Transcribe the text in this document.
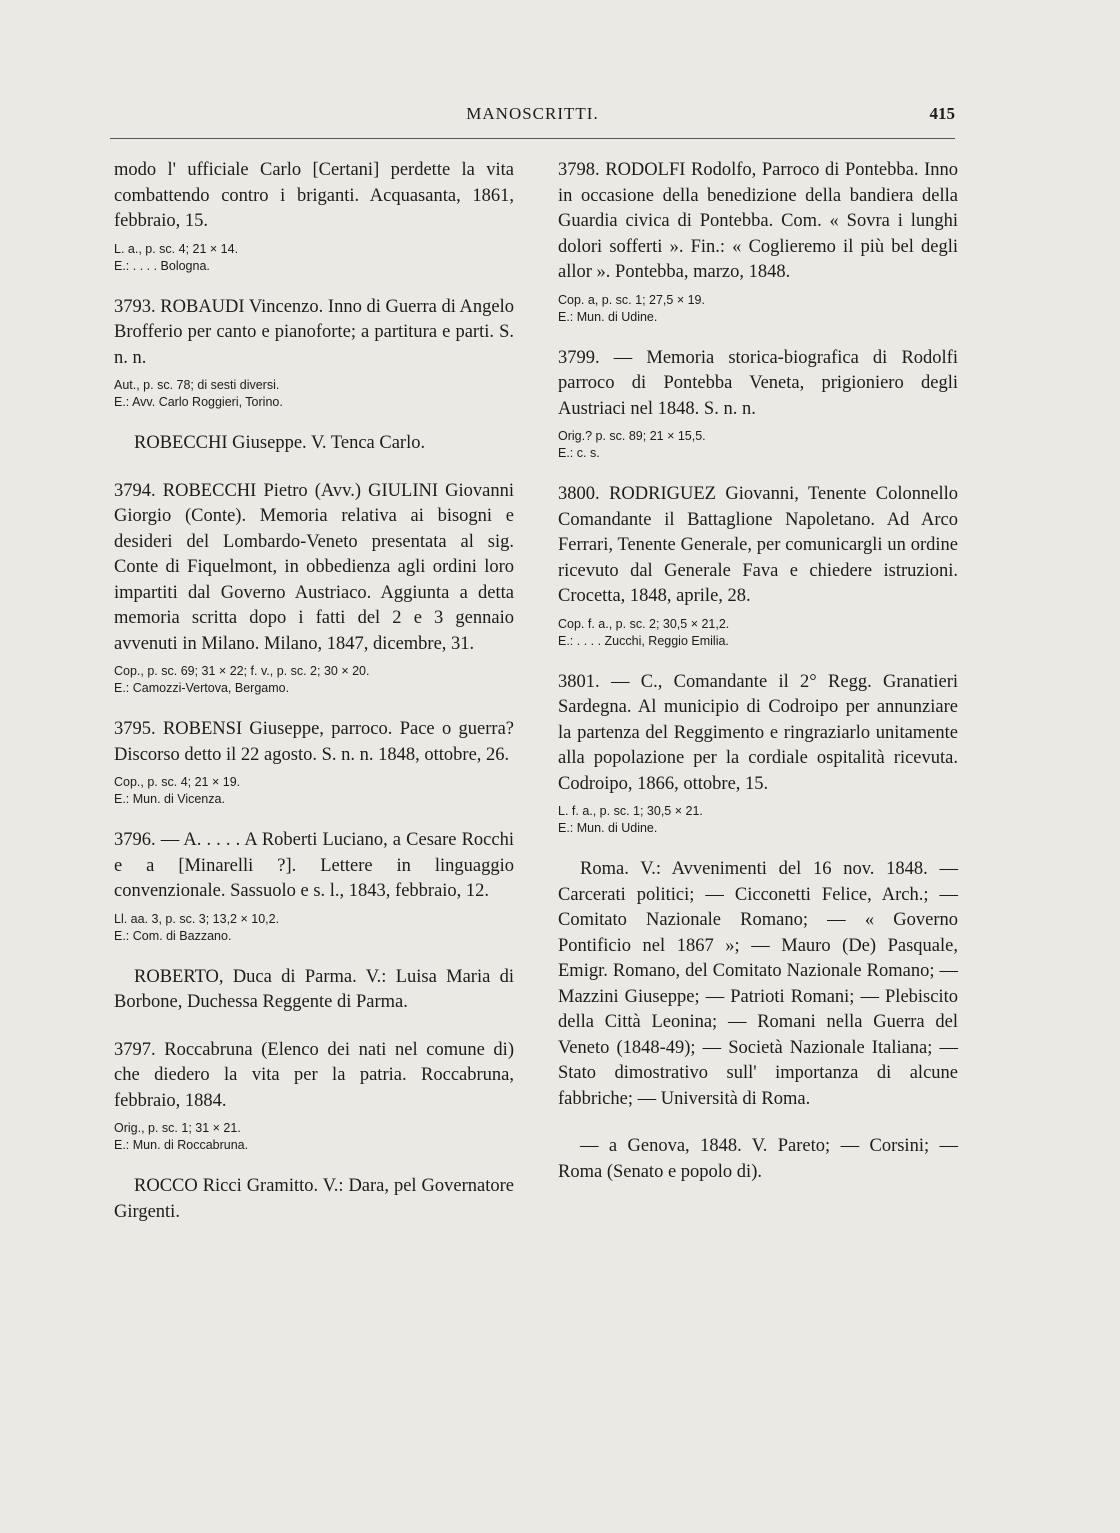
MANOSCRITTI.	415

modo l' ufficiale Carlo [Certani] perdette la vita combattendo contro i briganti. Acquasanta, 1861, febbraio, 15.

L. a., p. sc. 4; 21 × 14.
E.: . . . . Bologna.

3793. ROBAUDI Vincenzo. Inno di Guerra di Angelo Brofferio per canto e pianoforte; a partitura e parti. S. n. n.

Aut., p. sc. 78; di sesti diversi.
E.: Avv. Carlo Roggieri, Torino.

ROBECCHI Giuseppe. V. Tenca Carlo.

3794. ROBECCHI Pietro (Avv.) GIULINI Giovanni Giorgio (Conte). Memoria relativa ai bisogni e desideri del Lombardo-Veneto presentata al sig. Conte di Fiquelmont, in obbedienza agli ordini loro impartiti dal Governo Austriaco. Aggiunta a detta memoria scritta dopo i fatti del 2 e 3 gennaio avvenuti in Milano. Milano, 1847, dicembre, 31.

Cop., p. sc. 69; 31 × 22; f. v., p. sc. 2; 30 × 20.
E.: Camozzi-Vertova, Bergamo.

3795. ROBENSI Giuseppe, parroco. Pace o guerra? Discorso detto il 22 agosto. S. n. n. 1848, ottobre, 26.

Cop., p. sc. 4; 21 × 19.
E.: Mun. di Vicenza.

3796. — A. . . . . A Roberti Luciano, a Cesare Rocchi e a [Minarelli ?]. Lettere in linguaggio convenzionale. Sassuolo e s. l., 1843, febbraio, 12.

Ll. aa. 3, p. sc. 3; 13,2 × 10,2.
E.: Com. di Bazzano.

ROBERTO, Duca di Parma. V.: Luisa Maria di Borbone, Duchessa Reggente di Parma.

3797. Roccabruna (Elenco dei nati nel comune di) che diedero la vita per la patria. Roccabruna, febbraio, 1884.

Orig., p. sc. 1; 31 × 21.
E.: Mun. di Roccabruna.

ROCCO Ricci Gramitto. V.: Dara, pel Governatore Girgenti.

3798. RODOLFI Rodolfo, Parroco di Pontebba. Inno in occasione della benedizione della bandiera della Guardia civica di Pontebba. Com. « Sovra i lunghi dolori sofferti ». Fin.: « Coglieremo il più bel degli allor ». Pontebba, marzo, 1848.

Cop. a, p. sc. 1; 27,5 × 19.
E.: Mun. di Udine.

3799. — Memoria storica-biografica di Rodolfi parroco di Pontebba Veneta, prigioniero degli Austriaci nel 1848. S. n. n.

Orig.? p. sc. 89; 21 × 15,5.
E.: c. s.

3800. RODRIGUEZ Giovanni, Tenente Colonnello Comandante il Battaglione Napoletano. Ad Arco Ferrari, Tenente Generale, per comunicargli un ordine ricevuto dal Generale Fava e chiedere istruzioni. Crocetta, 1848, aprile, 28.

Cop. f. a., p. sc. 2; 30,5 × 21,2.
E.: . . . . Zucchi, Reggio Emilia.

3801. — C., Comandante il 2° Regg. Granatieri Sardegna. Al municipio di Codroipo per annunziare la partenza del Reggimento e ringraziarlo unitamente alla popolazione per la cordiale ospitalità ricevuta. Codroipo, 1866, ottobre, 15.

L. f. a., p. sc. 1; 30,5 × 21.
E.: Mun. di Udine.

Roma. V.: Avvenimenti del 16 nov. 1848. — Carcerati politici; — Cicconetti Felice, Arch.; — Comitato Nazionale Romano; — « Governo Pontificio nel 1867 »; — Mauro (De) Pasquale, Emigr. Romano, del Comitato Nazionale Romano; — Mazzini Giuseppe; — Patrioti Romani; — Plebiscito della Città Leonina; — Romani nella Guerra del Veneto (1848-49); — Società Nazionale Italiana; — Stato dimostrativo sull' importanza di alcune fabbriche; — Università di Roma.

— a Genova, 1848. V. Pareto; — Corsini; — Roma (Senato e popolo di).
